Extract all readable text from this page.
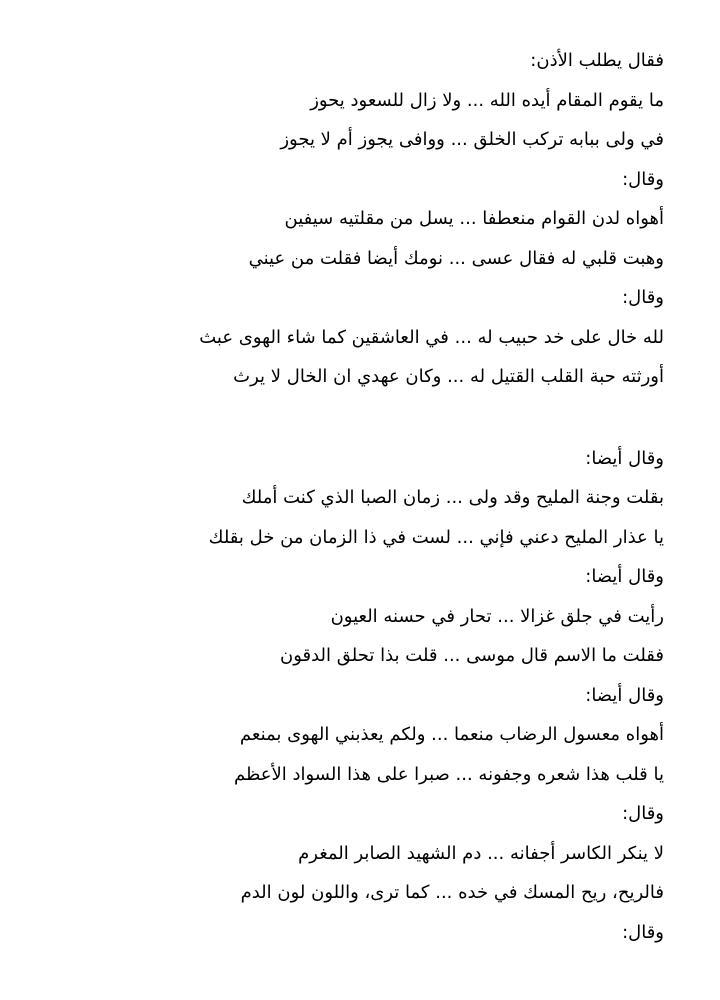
فقال يطلب الأذن:
ما يقوم المقام أيده الله ... ولا زال للسعود يحوز
في ولى ببابه تركب الخلق ... ووافى يجوز أم لا يجوز
وقال:
أهواه لدن القوام منعطفا ... يسل من مقلتيه سيفين
وهبت قلبي له فقال عسى ... نومك أيضا فقلت من عيني
وقال:
لله خال على خد حبيب له ... في العاشقين كما شاء الهوى عبث
أورثته حبة القلب القتيل له ... وكان عهدي ان الخال لا يرث
وقال أيضا:
بقلت وجنة المليح وقد ولى ... زمان الصبا الذي كنت أملك
يا عذار المليح دعني فإني ... لست في ذا الزمان من خل بقلك
وقال أيضا:
رأيت في جلق غزالا ... تحار في حسنه العيون
فقلت ما الاسم قال موسى ... قلت بذا تحلق الدقون
وقال أيضا:
أهواه معسول الرضاب منعما ... ولكم يعذبني الهوى بمنعم
يا قلب هذا شعره وجفونه ... صبرا على هذا السواد الأعظم
وقال:
لا ينكر الكاسر أجفانه ... دم الشهيد الصابر المغرم
فالريح، ريح المسك في خده ... كما ترى، واللون لون الدم
وقال:
